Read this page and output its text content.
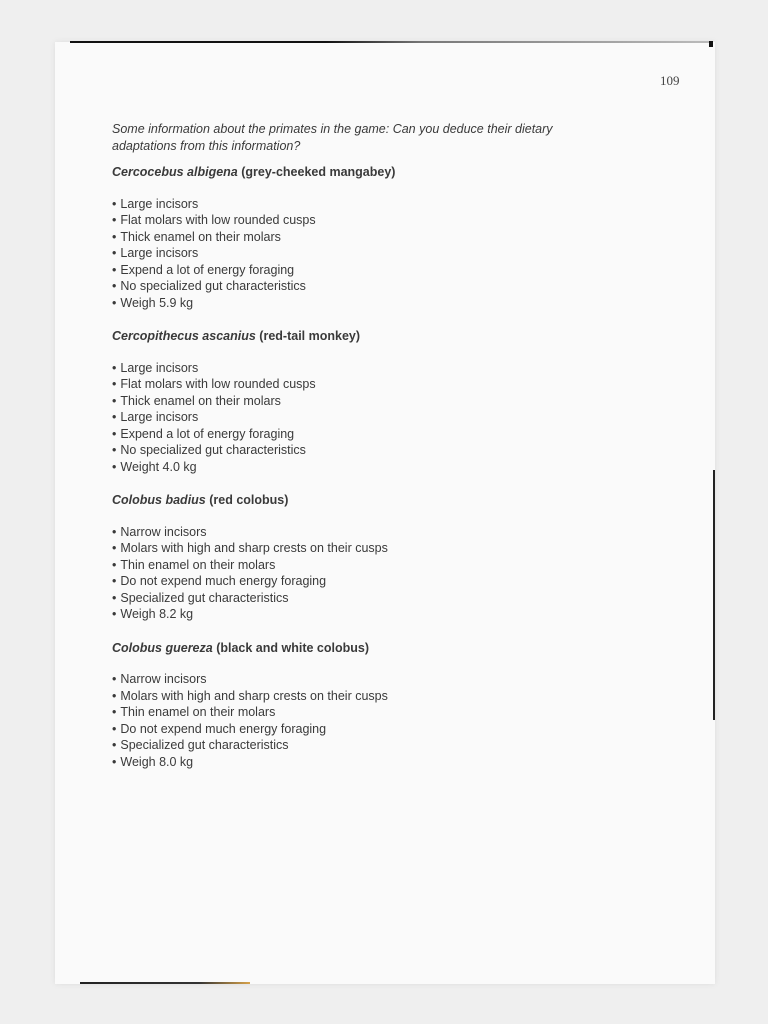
109

Some information about the primates in the game: Can you deduce their dietary adaptations from this information?

Cercocebus albigena (grey-cheeked mangabey)

• Large incisors
• Flat molars with low rounded cusps
• Thick enamel on their molars
• Large incisors
• Expend a lot of energy foraging
• No specialized gut characteristics
• Weigh 5.9 kg

Cercopithecus ascanius (red-tail monkey)

• Large incisors
• Flat molars with low rounded cusps
• Thick enamel on their molars
• Large incisors
• Expend a lot of energy foraging
• No specialized gut characteristics
• Weight 4.0 kg

Colobus badius (red colobus)

• Narrow incisors
• Molars with high and sharp crests on their cusps
• Thin enamel on their molars
• Do not expend much energy foraging
• Specialized gut characteristics
• Weigh 8.2 kg

Colobus guereza (black and white colobus)

• Narrow incisors
• Molars with high and sharp crests on their cusps
• Thin enamel on their molars
• Do not expend much energy foraging
• Specialized gut characteristics
• Weigh 8.0 kg
